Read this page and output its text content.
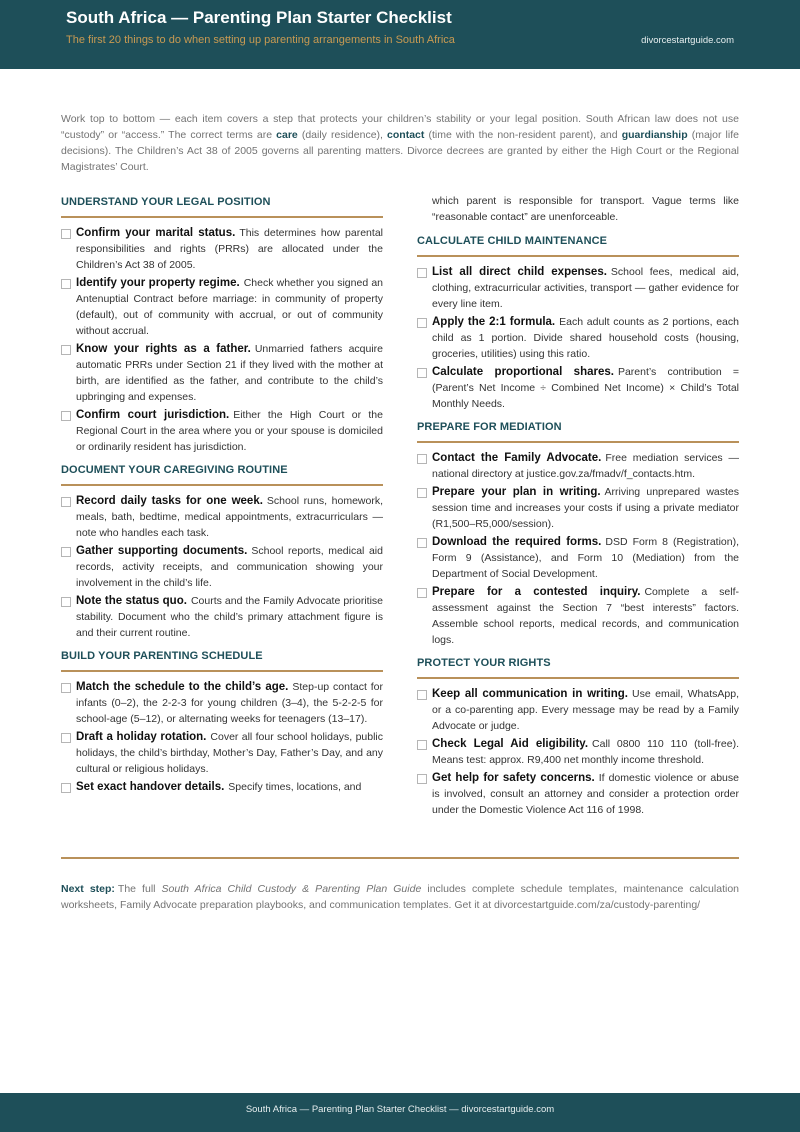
South Africa — Parenting Plan Starter Checklist
The first 20 things to do when setting up parenting arrangements in South Africa	divorcestartguide.com
Work top to bottom — each item covers a step that protects your children’s stability or your legal position. South African law does not use “custody” or “access.” The correct terms are care (daily residence), contact (time with the non-resident parent), and guardianship (major life decisions). The Children’s Act 38 of 2005 governs all parenting matters. Divorce decrees are granted by either the High Court or the Regional Magistrates’ Court.
UNDERSTAND YOUR LEGAL POSITION
Confirm your marital status. This determines how parental responsibilities and rights (PRRs) are allocated under the Children’s Act 38 of 2005.
Identify your property regime. Check whether you signed an Antenuptial Contract before marriage: in community of property (default), out of community with accrual, or out of community without accrual.
Know your rights as a father. Unmarried fathers acquire automatic PRRs under Section 21 if they lived with the mother at birth, are identified as the father, and contribute to the child’s upbringing and expenses.
Confirm court jurisdiction. Either the High Court or the Regional Court in the area where you or your spouse is domiciled or ordinarily resident has jurisdiction.
DOCUMENT YOUR CAREGIVING ROUTINE
Record daily tasks for one week. School runs, homework, meals, bath, bedtime, medical appointments, extracurriculars — note who handles each task.
Gather supporting documents. School reports, medical aid records, activity receipts, and communication showing your involvement in the child’s life.
Note the status quo. Courts and the Family Advocate prioritise stability. Document who the child’s primary attachment figure is and their current routine.
BUILD YOUR PARENTING SCHEDULE
Match the schedule to the child’s age. Step-up contact for infants (0–2), the 2-2-3 for young children (3–4), the 5-2-2-5 for school-age (5–12), or alternating weeks for teenagers (13–17).
Draft a holiday rotation. Cover all four school holidays, public holidays, the child’s birthday, Mother’s Day, Father’s Day, and any cultural or religious holidays.
Set exact handover details. Specify times, locations, and
which parent is responsible for transport. Vague terms like “reasonable contact” are unenforceable.
CALCULATE CHILD MAINTENANCE
List all direct child expenses. School fees, medical aid, clothing, extracurricular activities, transport — gather evidence for every line item.
Apply the 2:1 formula. Each adult counts as 2 portions, each child as 1 portion. Divide shared household costs (housing, groceries, utilities) using this ratio.
Calculate proportional shares. Parent’s contribution = (Parent’s Net Income ÷ Combined Net Income) × Child’s Total Monthly Needs.
PREPARE FOR MEDIATION
Contact the Family Advocate. Free mediation services — national directory at justice.gov.za/fmadv/f_contacts.htm.
Prepare your plan in writing. Arriving unprepared wastes session time and increases your costs if using a private mediator (R1,500–R5,000/session).
Download the required forms. DSD Form 8 (Registration), Form 9 (Assistance), and Form 10 (Mediation) from the Department of Social Development.
Prepare for a contested inquiry. Complete a self-assessment against the Section 7 “best interests” factors. Assemble school reports, medical records, and communication logs.
PROTECT YOUR RIGHTS
Keep all communication in writing. Use email, WhatsApp, or a co-parenting app. Every message may be read by a Family Advocate or judge.
Check Legal Aid eligibility. Call 0800 110 110 (toll-free). Means test: approx. R9,400 net monthly income threshold.
Get help for safety concerns. If domestic violence or abuse is involved, consult an attorney and consider a protection order under the Domestic Violence Act 116 of 1998.
Next step: The full South Africa Child Custody & Parenting Plan Guide includes complete schedule templates, maintenance calculation worksheets, Family Advocate preparation playbooks, and communication templates. Get it at divorcestartguide.com/za/custody-parenting/
South Africa — Parenting Plan Starter Checklist — divorcestartguide.com
